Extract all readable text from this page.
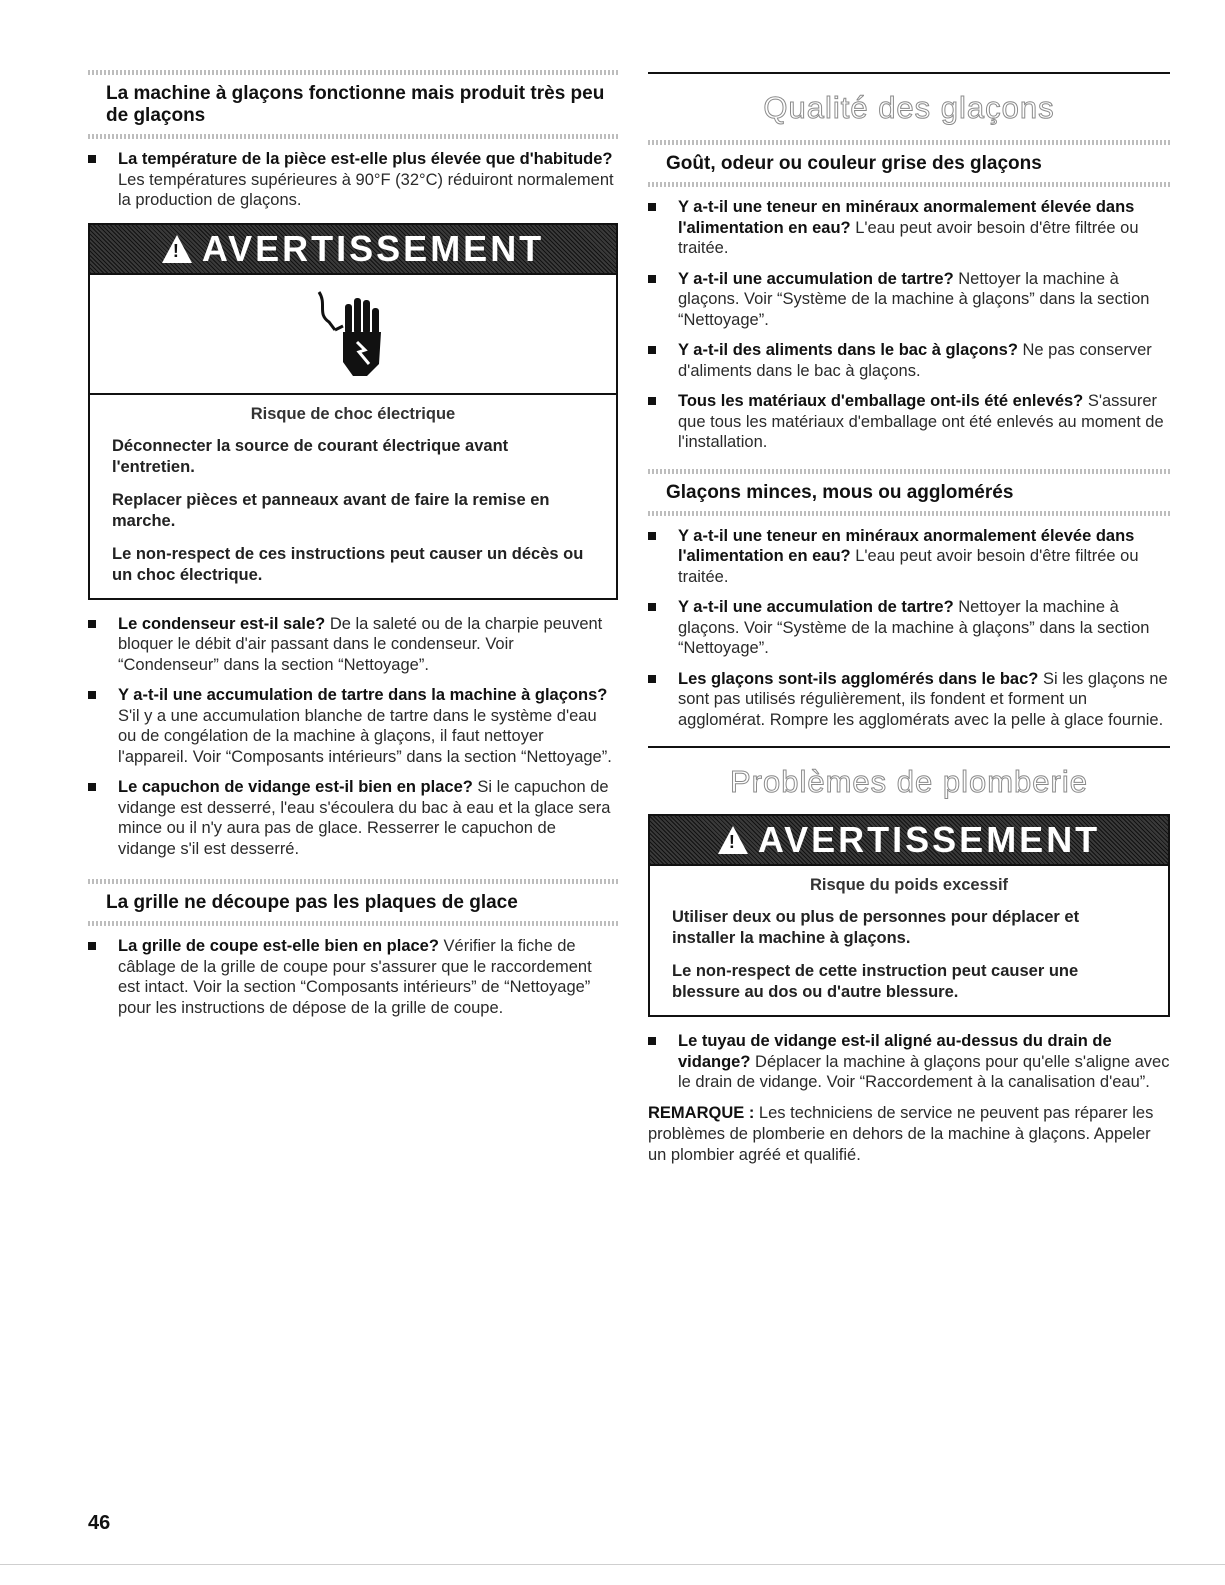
La machine à glaçons fonctionne mais produit très peu de glaçons
La température de la pièce est-elle plus élevée que d'habitude? Les températures supérieures à 90°F (32°C) réduiront normalement la production de glaçons.
! AVERTISSEMENT

Risque de choc électrique

Déconnecter la source de courant électrique avant l'entretien.

Replacer pièces et panneaux avant de faire la remise en marche.

Le non-respect de ces instructions peut causer un décès ou un choc électrique.

Le condenseur est-il sale? De la saleté ou de la charpie peuvent bloquer le débit d'air passant dans le condenseur. Voir “Condenseur” dans la section “Nettoyage”.
Y a-t-il une accumulation de tartre dans la machine à glaçons? S'il y a une accumulation blanche de tartre dans le système d'eau ou de congélation de la machine à glaçons, il faut nettoyer l'appareil. Voir “Composants intérieurs” dans la section “Nettoyage”.
Le capuchon de vidange est-il bien en place? Si le capuchon de vidange est desserré, l'eau s'écoulera du bac à eau et la glace sera mince ou il n'y aura pas de glace. Resserrer le capuchon de vidange s'il est desserré.
La grille ne découpe pas les plaques de glace
La grille de coupe est-elle bien en place? Vérifier la fiche de câblage de la grille de coupe pour s'assurer que le raccordement est intact. Voir la section “Composants intérieurs” de “Nettoyage” pour les instructions de dépose de la grille de coupe.
Qualité des glaçons
Goût, odeur ou couleur grise des glaçons
Y a-t-il une teneur en minéraux anormalement élevée dans l'alimentation en eau? L'eau peut avoir besoin d'être filtrée ou traitée.
Y a-t-il une accumulation de tartre? Nettoyer la machine à glaçons. Voir “Système de la machine à glaçons” dans la section “Nettoyage”.
Y a-t-il des aliments dans le bac à glaçons? Ne pas conserver d'aliments dans le bac à glaçons.
Tous les matériaux d'emballage ont-ils été enlevés? S'assurer que tous les matériaux d'emballage ont été enlevés au moment de l'installation.
Glaçons minces, mous ou agglomérés
Y a-t-il une teneur en minéraux anormalement élevée dans l'alimentation en eau? L'eau peut avoir besoin d'être filtrée ou traitée.
Y a-t-il une accumulation de tartre? Nettoyer la machine à glaçons. Voir “Système de la machine à glaçons” dans la section “Nettoyage”.
Les glaçons sont-ils agglomérés dans le bac? Si les glaçons ne sont pas utilisés régulièrement, ils fondent et forment un agglomérat. Rompre les agglomérats avec la pelle à glace fournie.
Problèmes de plomberie
! AVERTISSEMENT

Risque du poids excessif

Utiliser deux ou plus de personnes pour déplacer et installer la machine à glaçons.

Le non-respect de cette instruction peut causer une blessure au dos ou d'autre blessure.

Le tuyau de vidange est-il aligné au-dessus du drain de vidange? Déplacer la machine à glaçons pour qu'elle s'aligne avec le drain de vidange. Voir “Raccordement à la canalisation d'eau”.

REMARQUE : Les techniciens de service ne peuvent pas réparer les problèmes de plomberie en dehors de la machine à glaçons. Appeler un plombier agréé et qualifié.

46
